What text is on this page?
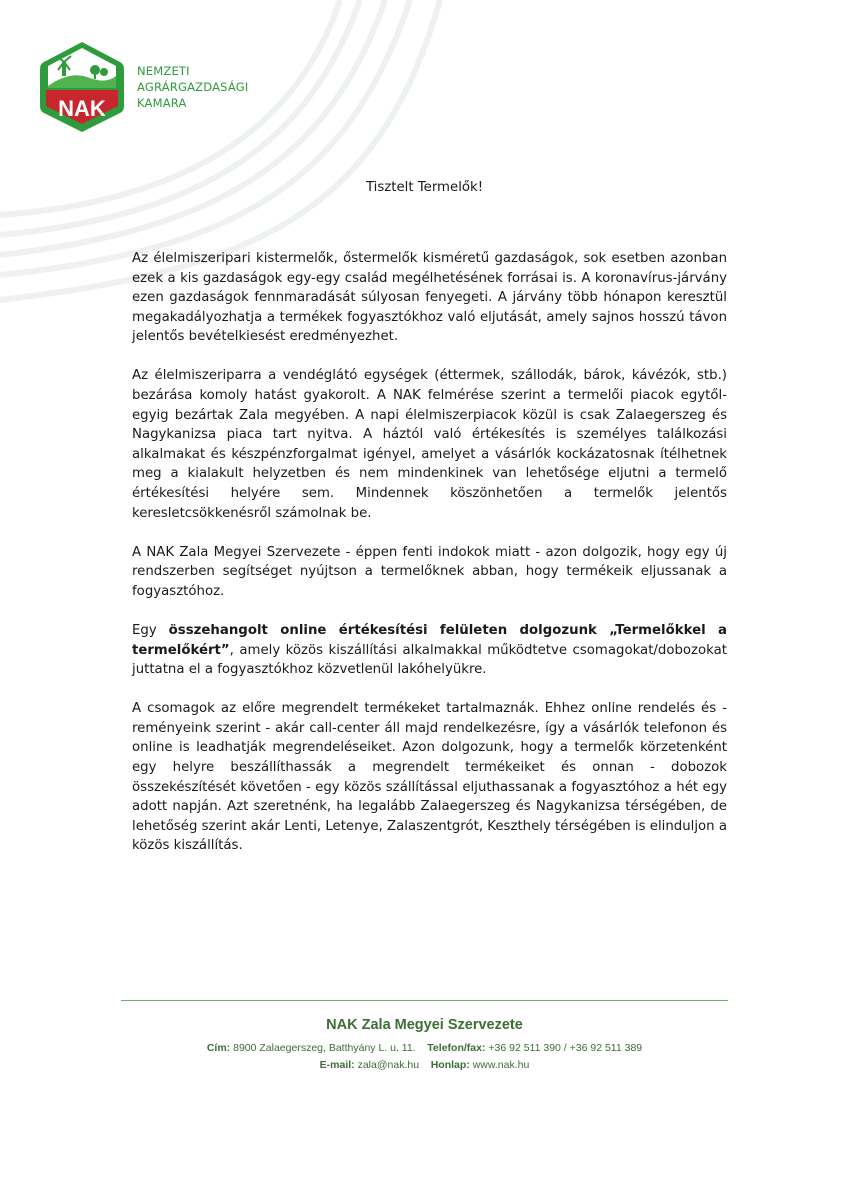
NAK
NEMZETI
AGRÁRGAZDASÁGI
KAMARA
Tisztelt Termelők!

Az élelmiszeripari kistermelők, őstermelők kisméretű gazdaságok, sok esetben azonban ezek a kis gazdaságok egy-egy család megélhetésének forrásai is. A koronavírus-járvány ezen gazdaságok fennmaradását súlyosan fenyegeti. A járvány több hónapon keresztül megakadályozhatja a termékek fogyasztókhoz való eljutását, amely sajnos hosszú távon jelentős bevételkiesést eredményezhet.

Az élelmiszeriparra a vendéglátó egységek (éttermek, szállodák, bárok, kávézók, stb.) bezárása komoly hatást gyakorolt. A NAK felmérése szerint a termelői piacok egytől-egyig bezártak Zala megyében. A napi élelmiszerpiacok közül is csak Zalaegerszeg és Nagykanizsa piaca tart nyitva. A háztól való értékesítés is személyes találkozási alkalmakat és készpénzforgalmat igényel, amelyet a vásárlók kockázatosnak ítélhetnek meg a kialakult helyzetben és nem mindenkinek van lehetősége eljutni a termelő értékesítési helyére sem. Mindennek köszönhetően a termelők jelentős keresletcsökkenésről számolnak be.

A NAK Zala Megyei Szervezete - éppen fenti indokok miatt - azon dolgozik, hogy egy új rendszerben segítséget nyújtson a termelőknek abban, hogy termékeik eljussanak a fogyasztóhoz.

Egy összehangolt online értékesítési felületen dolgozunk „Termelőkkel a termelőkért”, amely közös kiszállítási alkalmakkal működtetve csomagokat/dobozokat juttatna el a fogyasztókhoz közvetlenül lakóhelyükre.

A csomagok az előre megrendelt termékeket tartalmaznák. Ehhez online rendelés és - reményeink szerint - akár call-center áll majd rendelkezésre, így a vásárlók telefonon és online is leadhatják megrendeléseiket. Azon dolgozunk, hogy a termelők körzetenként egy helyre beszállíthassák a megrendelt termékeiket és onnan - dobozok összekészítését követően - egy közös szállítással eljuthassanak a fogyasztóhoz a hét egy adott napján. Azt szeretnénk, ha legalább Zalaegerszeg és Nagykanizsa térségében, de lehetőség szerint akár Lenti, Letenye, Zalaszentgrót, Keszthely térségében is elinduljon a közös kiszállítás.

NAK Zala Megyei Szervezete
Cím: 8900 Zalaegerszeg, Batthyány L. u. 11. Telefon/fax: +36 92 511 390 / +36 92 511 389
E-mail: zala@nak.hu Honlap: www.nak.hu
